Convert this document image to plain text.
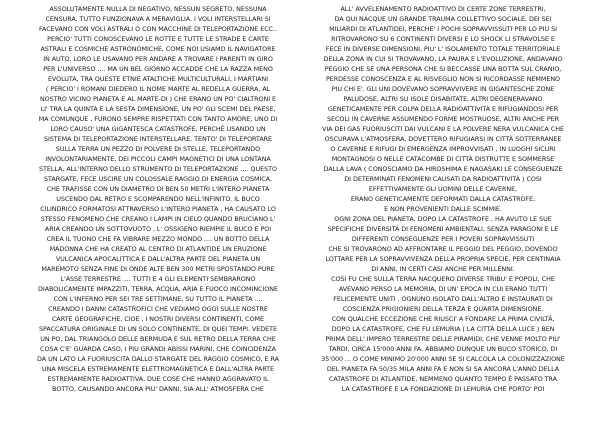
ASSOLUTAMENTE NULLA DI NEGATIVO, NESSUN SEGRETO, NESSUNA
CENSURA, TUTTO FUNZIONAVA A MERAVIGLIA. I VOLI INTERSTELLARI SI
FACEVANO CON VOLI ASTRALI O CON MACCHINE DI TELEPORTAZIONE ECC..
PERCIO' TUTTI CONOSCEVANO LE ROTTE E TUTTE LE STRADE E CARTE
ASTRALI E COSMICHE ASTRONOMICHE, COME NOI USIAMO IL NAVIGATORE
IN AUTO, LORO LE USAVANO PER ANDARE A TROVARE I PARENTI IN GIRO
PER L'UNIVERSO .... MA UN BEL GIORNO ACCADDE CHE LA RAZZA MENO
EVOLUTA, TRA QUESTE ETNIE ATALTICHE MULTICULTURALI, I MARTIANI
( PERCIO' I ROMANI DIEDERO IL NOME MARTE AL REDELLA GUERRA, AL
NOSTRO VICINO PIANETA E AL MARTE-DI ) CHE ERANO UN PO' CIALTRONI E
LI' TRA LA QUINTA E LA SESTA DIMENSIONE, UN PO' GLI SCEMI DEL PAESE,
MA COMUNQUE , FURONO SEMPRE RISPETTATI CON TANTO AMORE, UNO DI
LORO CAUSO' UNA GIGANTESCA CATASTROFE, PERCHÈ USANDO UN
SISTEMA DI TELEPORTAZIONE INTERSTELLARE, TENTO' DI TELEPORTARE
SULLA TERRA UN PEZZO DI POLVERE DI STELLE, TELEPORTANDO
INVOLONTARIAMENTE, DEI PICCOLI CAMPI MAGNETICI DI UNA LONTANA
STELLA, ALL'INTERNO DELLO STRUMENTO DI TELEPORTAZIONE .... QUESTO
STARGATE, FECE USCIRE UN COLOSSALE RAGGIO DI ENERGIA COSMICA,
CHE TRAFISSE CON UN DIAMETRO DI BEN 50 METRI L'INTERO PIANETA
USCENDO DAL RETRO E SCOMPARENDO NELL'INFINITO. IL BUCO
CILINDRICO FORMATOSI ATTRAVERSO L'INTERO PIANETA , HA CAUSATO LO
STESSO FENOMENO CHE CREANO I LAMPI IN CIELO QUANDO BRUCIANO L'
ARIA CREANDO UN SOTTOVUOTO , L' OSSIGENO RIEMPIE IL BUCO E POI
CREA IL TUONO CHE FA VIBRARE MEZZO MONDO .... UN BOTTO DELLA
MADONNA CHE HA CREATO AL CENTRO DI ATLANTIDE UN ERUZIONE
VULCANICA APOCALITTICA E DALL'ALTRA PARTE DEL PIANETA UN
MAREMOTO SENZA FINE DI ONDE ALTE BEN 300 METRI SPOSTANDO PURE
L'ASSE TERRESTRE .... TUTTI E 4 GLI ELEMENTI SEMBRARONO
DIABOLICAMENTE IMPAZZITI, TERRA, ACQUA, ARIA E FUOCO INCOMINCIONE
CON L'INFERNO PER SEI TRE SETTIMANE, SU TUTTO IL PIANETA ....
CREANDO I DANNI CATASTROFICI CHE VEDIAMO OGGI SULLE NOSTRE
CARTE GEOGRAFICHE, CIOE , I NOSTRI DIVERSI CONTINENTI, COME
SPACCATURA ORIGINALE DI UN SOLO CONTINENTE, DI QUEI TEMPI. VEDETE
UN PO, DAL TRIANGOLO DELLE BERMUDA E SUL RETRO DELLA TERRA CHE
COSA C'E' GUARDA CASO, I PIU GRANDI ABISSI MARINI, CHE COINCIDENZA
DA UN LATO LA FUORIUSCITA DALLO STARGATE DEL RAGGIO COSMICO, E RA
UNA MISCELA ESTREMAMENTE ELETTROMAGNETICA E DALL'ALTRA PARTE
ESTREMAMENTE RADIOATTIVA, DUE COSE CHE HANNO AGGRAVATO IL
BOTTO, CAUSANDO ANCORA PIU' DANNI, SIA ALL' ATMOSFERA CHE
ALL' AVVELENAMENTO RADIOATTIVO DI CERTE ZONE TERRESTRI,
DA QUI NACQUE UN GRANDE TRAUMA COLLETTIVO SOCIALE, DEI SEI
MILIARDI DI ATLANTIDEI, PERCHE' I POCHI SOPRAVVISSUTI PER LO PIU SI
RITROVARONO SU 6 CONTINENTI DIVERSI E LO SHOCK LI STRAVOLSE E
FECE IN DIVERSE DIMENSIONI, PIU' L' ISOLAMENTO TOTALE TERRITORIALE
DELLA ZONA IN CUI SI TROVAVANO, LA PAURA E L'EVOLUZIONE, ANDAVANO
PEGGIO CHE SE UNA PERSONA CHE SI BECCASSE UNA BOTTA SUL CRANIO,
PERDESSE CONOSCENZA E AL RISVEGLIO NON SI RICORDASSE NEMMENO
PIU CHI E'. GLI UNI DOVEVANO SOPRAVVIVERE IN GIGANTESCHE ZONE
PALUDOSE, ALTRI SU ISOLE DISABITATE, ALTRI DEGENERAVANO
GENETICAMENTE PER COLPA DELLA RADIOATTIVITÀ E RIFUGIANDOSI PER
SECOLI IN CAVERNE ASSUMENDO FORME MOSTRUOSE, ALTRI ANCHE PER
VIA DEI GAS FUORIUSCITI DAI VULCANI E LA POLVERE NERA VULCANICA CHE
OSCURAVA L'ATMOSFERA, DOVETTERO RIFUGIARSI IN CITTÀ SOTTERRANEE
O CAVERNE E RIFUGI DI EMERGENZA IMPROVVISATI , IN LUOGHI SICURI
MONTAGNOSI O NELLE CATACOMBE DI CITTÀ DISTRUTTE E SOMMERSE
DALLA LAVA ( CONOSCIAMO DA HIROSHIMA E NAGASAKI LE CONSEGUENZE
DI DETERMINATI FENOMENI CAUSATI DA RADIOATTIVITÀ ) COSI
EFFETTIVAMENTE GLI UOMINI DELLE CAVERNE,
ERANO GENETICAMENTE DEFORMATI DALLA CATASTROFE,
E NON PROVENIENTI DALLE SCIMMIE.
OGNI ZONA DEL PIANETA, DOPO LA CATASTROFE , HA AVUTO LE SUE
SPECIFICHE DIVERSITÀ DI FENOMENI AMBIENTALI, SENZA PARAGONI E LE
DIFFERENTI CONSEGUENZE PER I POVERI SOPRAVVISSUTI
CHE SI TROVARONO AD AFFRONTARE IL PEGGIO DEL PEGGIO, DOVENDO
LOTTARE PER LA SOPRAVVIVENZA DELLA PROPRIA SPECIE, PER CENTINAIA
DI ANNI, IN CERTI CASI ANCHE PER MILLENNI.
COSI FU CHE SULLA TERRA NACQUERO DIVERSE TRIBU' E POPOLI, CHE
AVEVANO PERSO LA MEMORIA, DI UN' EPOCA IN CUI ERANO TUTTI
FELICEMENTE UNITI . OGNUNO ISOLATO DALL'ALTRO E INSTAURATI DI
COSCIENZA PRIGIONIERI DELLA TERZA E QUARTA DIMENSIONE.
CON QUALCHE ECCEZIONE CHE RIUSCI' A FONDARE LA PRIMA CIVILTÀ,
DOPO LA CATASTROFE, CHE FU LEMURIA ( LA CITTÀ DELLA LUCE ) BEN
PRIMA DELL' IMPERO TERRESTRE DELLE PIRAMIDI, CHE VENNE MOLTO PIU'
TARDI, CIRCA 15'000 ANNI FA. ABBIAMO DUNQUE UN BUCO STORICO, DI
35'000 ... O COME MINIMO 20'000 ANNI SE SI CALCOLA LA COLONIZZAZIONE
DEL PIANETA FA 50/35 MILA ANNI FA E NON SI SA ANCORA L'ANNO DELLA
CATASTROFE DI ATLANTIDE, NEMMENO QUANTO TEMPO È PASSATO TRA
LA CATASTROFE E LA FONDAZIONE DI LEMURIA CHE PORTO' POI
